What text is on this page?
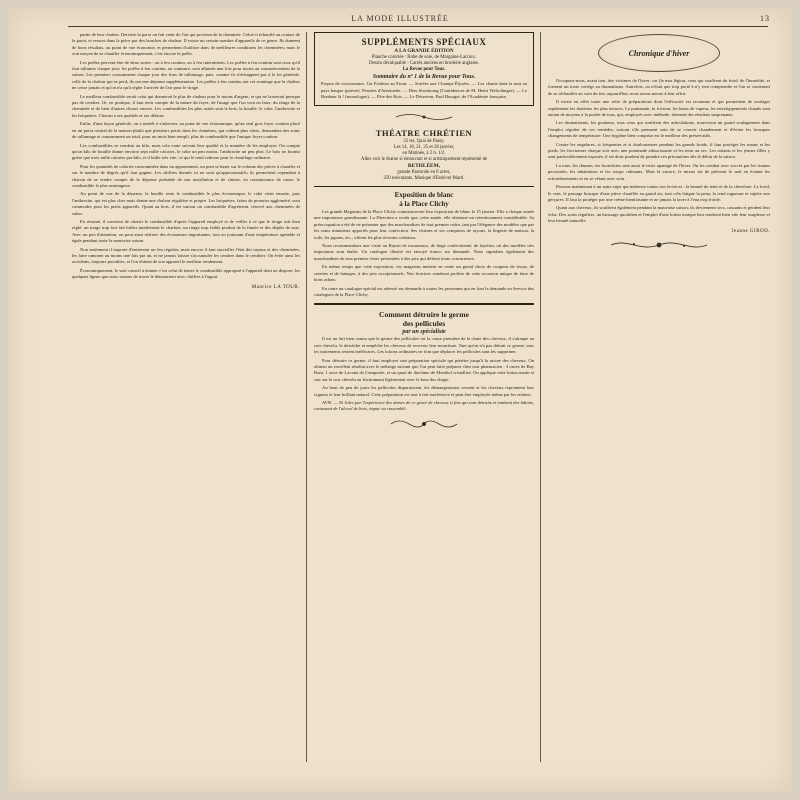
LA MODE ILLUSTRÉE	13

partie de leur chaleur. Derrière la paroi on fait venir de l'air qui provient de la cheminée. Celui-ci échauffé au contact de la paroi, et ressort dans la pièce par des bouches de chaleur. Il existe un certain nombre d'appareils de ce genre. Ils donnent de bons résultats, au point de vue économie, et permettent d'utiliser dans de meilleures conditions les cheminées; mais le vrai moyen de se chauffer économiquement, c'est encore le poêle.

Les poêles peuvent être de deux sortes : ou à feu continu, ou à feu intermittent. Les poêles à feu continu sont ceux qu'il faut rallumer chaque jour; les poêles à feu continu, au contraire, sont allumés une fois pour toutes au commencement de la saison. Les premiers consomment chaque jour des frais de rallumage, puis, comme ils n'échappent pas à la loi générale, celle de la chaleur qui se perd, ils ont une dépense supplémentaire. Les poêles à feu continu ont cet avantage que la chaleur ne cesse jamais et qu'on n'a qu'à régler l'arrivée de l'air pour le tirage.

Le meilleur combustible serait celui qui donnerait le plus de chaleur pour le moins d'argent, et qui ne laisserait presque pas de cendres. Or, en pratique, il faut tenir compte de la nature du foyer, de l'usage que l'on veut en faire, du tirage de la cheminée et de bien d'autres choses encore. Les combustibles les plus usités sont le bois, la houille, le coke, l'anthracite et les briquettes. Chacun a ses qualités et ses défauts.

Enfin, d'une façon générale, on a intérêt à s'adresser, au point de vue économique, qu'au seul gros foyer continu placé en un point central de la maison plutôt que plusieurs petits dans les chambres, qui coûtent plus chers, demandent des soins de rallumage et consomment un total, pour un mois bien rempli, plus de combustible que l'unique foyer continu.

Les combustibles se vendent au kilo, mais cela varie suivant leur qualité et la manière de les employer. On compte qu'un kilo de houille donne environ sept mille calories, le coke un peu moins, l'anthracite un peu plus. Le bois ne fournit guère que trois mille calories par kilo, et il brûle très vite, ce qui le rend coûteux pour le chauffage ordinaire.

Pour les quantités de calories consommées dans un appartement, on peut se baser sur le volume des pièces à chauffer et sur le nombre de degrés qu'il faut gagner. Les chiffres donnés ici ne sont qu'approximatifs; ils permettent cependant à chacun de se rendre compte de la dépense probable de son installation et de choisir, en connaissance de cause, le combustible le plus avantageux.

Au point de vue de la dépense, la houille reste le combustible le plus économique; le coke vient ensuite, puis l'anthracite, qui est plus cher mais donne une chaleur régulière et propre. Les briquettes, faites de poussier aggloméré, sont commodes pour les petits appareils. Quant au bois, il est surtout un combustible d'agrément, réservé aux cheminées de salon.

En résumé, il convient de choisir le combustible d'après l'appareil employé et de veiller à ce que le tirage soit bien réglé; un tirage trop fort fait brûler inutilement le charbon, un tirage trop faible produit de la fumée et des dépôts de suie. Avec un peu d'attention, on peut ainsi réaliser des économies importantes, tout en jouissant d'une température agréable et égale pendant toute la mauvaise saison.

Non seulement il importe d'entretenir un feu régulier, mais encore il faut surveiller l'état des tuyaux et des cheminées, les faire ramoner au moins une fois par an, et ne jamais laisser s'accumuler les cendres dans le cendrier. On évite ainsi les accidents, toujours possibles, et l'on obtient de son appareil le meilleur rendement.

Économiquement, le seul conseil à donner c'est celui de tenter le combustible approprié à l'appareil dont on dispose, les quelques lignes que nous venons de tracer le démontrent avec chiffres à l'appui.

Maurice LA TOUR.
SUPPLÉMENTS SPÉCIAUX
A LA GRANDE ÉDITION
Planche coloriée : Robe de soie, de Margaine-Lacroix.
Dessin décalquable : Carrés anciens en broderie anglaise.
La Revue pour Tous.
Sommaire du nº 1 de la Revue pour Tous.

Propos de circonstance. Un Fardeau au Front. — Soirées aux Champs-Élysées. — Les chants dans la nuit au pays basque (poésie). Pensées d'Antoinette. — Dieu Strasbourg (Confidences de M. Henri Welschinger). — Le Bonheur là ! (monologue). — Fête des Rois. — Le Déserteur, Paul Bourget, de l'Académie française.

THÉATRE CHRÉTIEN
22 ter, Quai de Passy.
Les 14, 18, 21, 25 et 28 janvier,
en Matinée, à 2 h. 1/2.
Allez voir le drame si émouvant et si artistiquement représenté de
BETHLÉEM,
grande Pastorale en 6 actes,
250 exécutants. Musique d'Estièvre Marti.
Exposition de blanc
à la Place Clichy

Les grands Magasins de la Place Clichy commenceront leur exposition de blanc le 15 janvier. Elle a chaque année une importance grandissante. La Direction a voulu que, cette année, elle obtienne un retentissement considérable. Sa préoccupation a été de ne présenter que des marchandises de tout premier ordre, tant par l'élégance des modèles que par les soins minutieux apportés pour leur confection. Ses vitrines et ses comptoirs de rayons, la lingerie de maison, la toile, les jupons, etc., offrent les plus récentes créations.

Nous recommandons une visite au Rayon de trousseaux, de linge confectionné, de layettes, où des modèles très importants sont étalés. Un catalogue illustré est envoyé franco sur demande. Nous signalons également des marchandises de tout premier choix présentées à des prix qui défient toute concurrence.

En même temps que cette exposition, ces magasins mettent en vente un grand choix de coupons de tissus, de soieries et de lainages, à des prix exceptionnels. Nos lectrices voudront profiter de cette occasion unique de faire de bons achats.

En outre un catalogue spécial est adressé sur demande à toutes les personnes qui en font la demande au Service des catalogues de la Place Clichy.

Comment détruire le germe
des pellicules
par un spécialiste

Il est un fait bien connu que le germe des pellicules est la cause première de la chute des cheveux; il s'attaque au cuir chevelu, le dessèche et empêche les cheveux de recevoir leur nourriture. Tant qu'on n'a pas détruit ce germe, tous les traitements restent inefficaces. Les lotions ordinaires ne font que déplacer les pellicules sans les supprimer.

Pour détruire ce germe, il faut employer une préparation spéciale qui pénètre jusqu'à la racine des cheveux. On obtient un excellent résultat avec le mélange suivant que l'on peut faire préparer chez tout pharmacien : 3 onces de Bay Rum, 1 once de Lavona de Composée, et un quart de drachme de Menthol cristallisé. On applique cette lotion matin et soir sur le cuir chevelu en frictionnant légèrement avec le bout des doigts.

Au bout de peu de jours les pellicules disparaissent, les démangeaisons cessent et les cheveux reprennent leur vigueur et leur brillant naturel. Cette préparation est tout à fait inoffensive et peut être employée même par les enfants.

AVIS. — Ni Jules par l'expérience des dames de ce genre de cheveux si fins qui sont détruits et tombent des bâtons, contenant de l'alcool de bois, impur ou rassemblé.

Chronique d'hiver

Occupons-nous, avant tout, des victimes de l'hiver, car (le mot légion, ceux qui souffrent du froid, de l'humidité, et forment un triste cortège au rhumatisme. Autrefois, on n'était que trop porté à n'y rien comprendre et l'on se contentait de se réchauffer au coin du feu; aujourd'hui, nous avons mieux à leur offrir.

Il existe en effet toute une série de préparations dont l'efficacité est reconnue et qui permettent de soulager rapidement les douleurs les plus tenaces. La pommade, la friction, les bains de vapeur, les enveloppements chauds sont autant de moyens à la portée de tous, qui, employés avec méthode, donnent des résultats surprenants.

Les rhumatisants, les goutteux, tous ceux qui souffrent des articulations, trouveront un grand soulagement dans l'emploi régulier de ces remèdes, surtout s'ils prennent soin de se couvrir chaudement et d'éviter les brusques changements de température. Une hygiène bien comprise est le meilleur des préservatifs.

Contre les engelures, si fréquentes et si douloureuses pendant les grands froids, il faut protéger les mains et les pieds, les frictionner chaque soir avec une pommade adoucissante et les tenir au sec. Les enfants et les jeunes filles y sont particulièrement exposés; il est donc prudent de prendre ces précautions dès le début de la saison.

La toux, les rhumes, les bronchites sont aussi le triste apanage de l'hiver. On les combat avec succès par les tisanes pectorales, les inhalations et les sirops calmants. Mais là encore, le mieux est de prévenir le mal en évitant les refroidissements et en se vêtant avec soin.

Passons maintenant à un autre sujet qui intéresse toutes nos lectrices : la beauté du teint et de la chevelure. Le froid, le vent, le passage brusque d'une pièce chauffée au grand air, tout cela fatigue la peau, la rend rugueuse et sujette aux gerçures. Il faut la protéger par une crème bienfaisante et ne jamais la laver à l'eau trop froide.

Quant aux cheveux, ils souffrent également pendant la mauvaise saison; ils deviennent secs, cassants et perdent leur éclat. Des soins réguliers, un brossage quotidien et l'emploi d'une lotion tonique leur rendront bien vite leur souplesse et leur beauté naturelle.

Jeanne GIROD.
